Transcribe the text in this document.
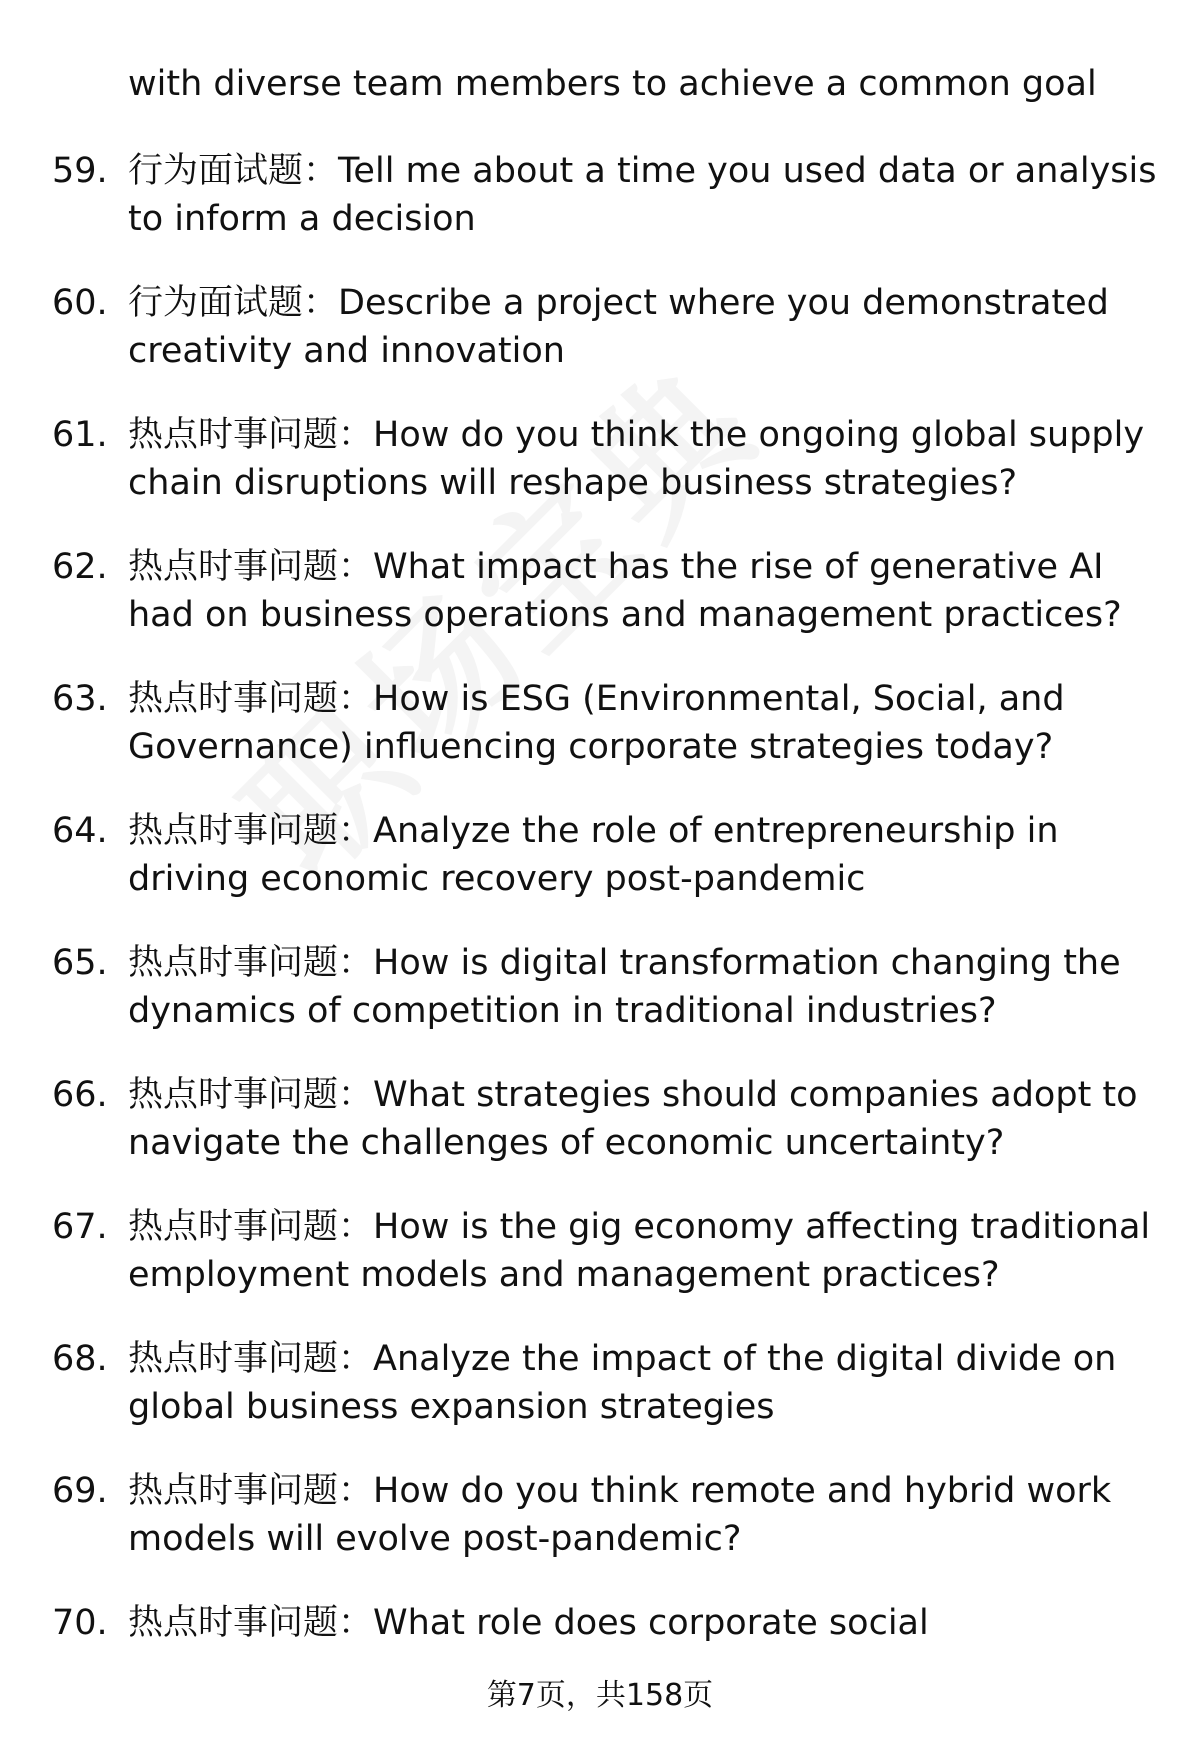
with diverse team members to achieve a common goal
59. 行为面试题：Tell me about a time you used data or analysis
to inform a decision
60. 行为面试题：Describe a project where you demonstrated
creativity and innovation
61. 热点时事问题：How do you think the ongoing global supply
chain disruptions will reshape business strategies?
62. 热点时事问题：What impact has the rise of generative AI
had on business operations and management practices?
63. 热点时事问题：How is ESG (Environmental, Social, and
Governance) influencing corporate strategies today?
64. 热点时事问题：Analyze the role of entrepreneurship in
driving economic recovery post-pandemic
65. 热点时事问题：How is digital transformation changing the
dynamics of competition in traditional industries?
66. 热点时事问题：What strategies should companies adopt to
navigate the challenges of economic uncertainty?
67. 热点时事问题：How is the gig economy affecting traditional
employment models and management practices?
68. 热点时事问题：Analyze the impact of the digital divide on
global business expansion strategies
69. 热点时事问题：How do you think remote and hybrid work
models will evolve post-pandemic?
70. 热点时事问题：What role does corporate social
第7页，共158页
